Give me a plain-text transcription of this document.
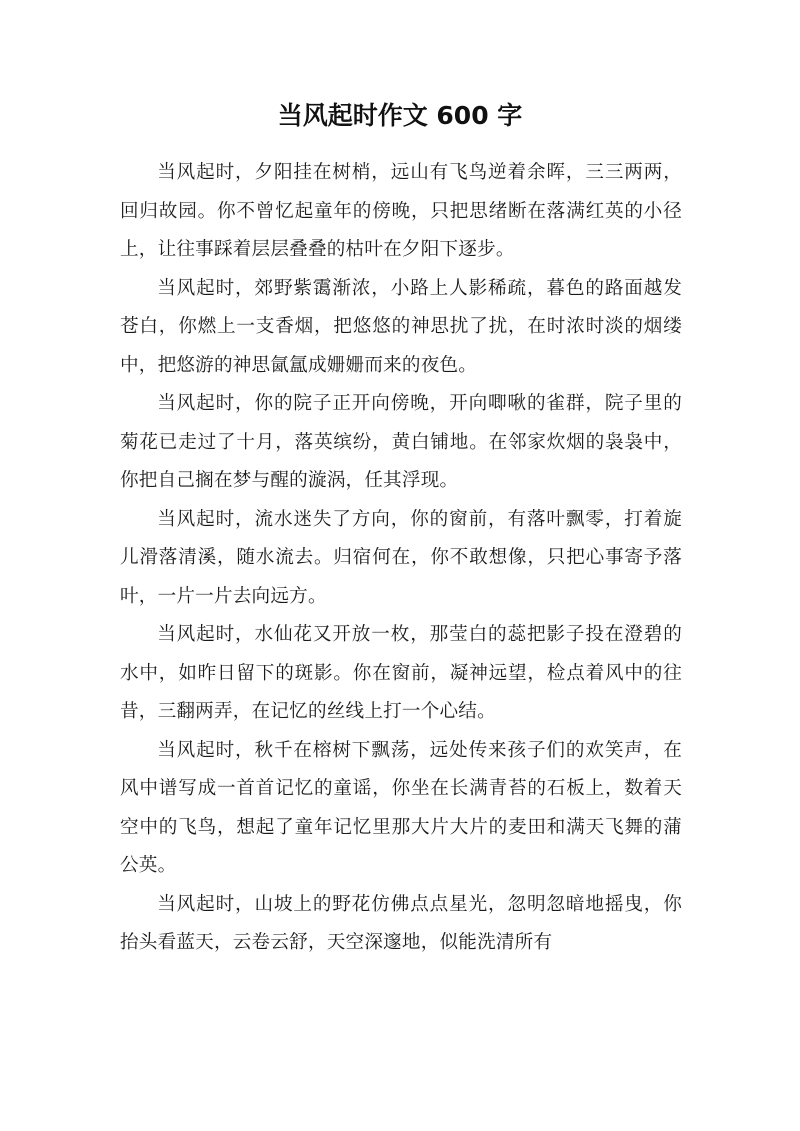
当风起时作文 600 字

当风起时，夕阳挂在树梢，远山有飞鸟逆着余晖，三三两两，回归故园。你不曾忆起童年的傍晚，只把思绪断在落满红英的小径上，让往事踩着层层叠叠的枯叶在夕阳下逐步。

当风起时，郊野紫霭渐浓，小路上人影稀疏，暮色的路面越发苍白，你燃上一支香烟，把悠悠的神思扰了扰，在时浓时淡的烟缕中，把悠游的神思氤氲成姗姗而来的夜色。

当风起时，你的院子正开向傍晚，开向唧啾的雀群，院子里的菊花已走过了十月，落英缤纷，黄白铺地。在邻家炊烟的袅袅中，你把自己搁在梦与醒的漩涡，任其浮现。

当风起时，流水迷失了方向，你的窗前，有落叶飘零，打着旋儿滑落清溪，随水流去。归宿何在，你不敢想像，只把心事寄予落叶，一片一片去向远方。

当风起时，水仙花又开放一枚，那莹白的蕊把影子投在澄碧的水中，如昨日留下的斑影。你在窗前，凝神远望，检点着风中的往昔，三翻两弄，在记忆的丝线上打一个心结。

当风起时，秋千在榕树下飘荡，远处传来孩子们的欢笑声，在风中谱写成一首首记忆的童谣，你坐在长满青苔的石板上，数着天空中的飞鸟，想起了童年记忆里那大片大片的麦田和满天飞舞的蒲公英。

当风起时，山坡上的野花仿佛点点星光，忽明忽暗地摇曳，你抬头看蓝天，云卷云舒，天空深邃地，似能洗清所有
